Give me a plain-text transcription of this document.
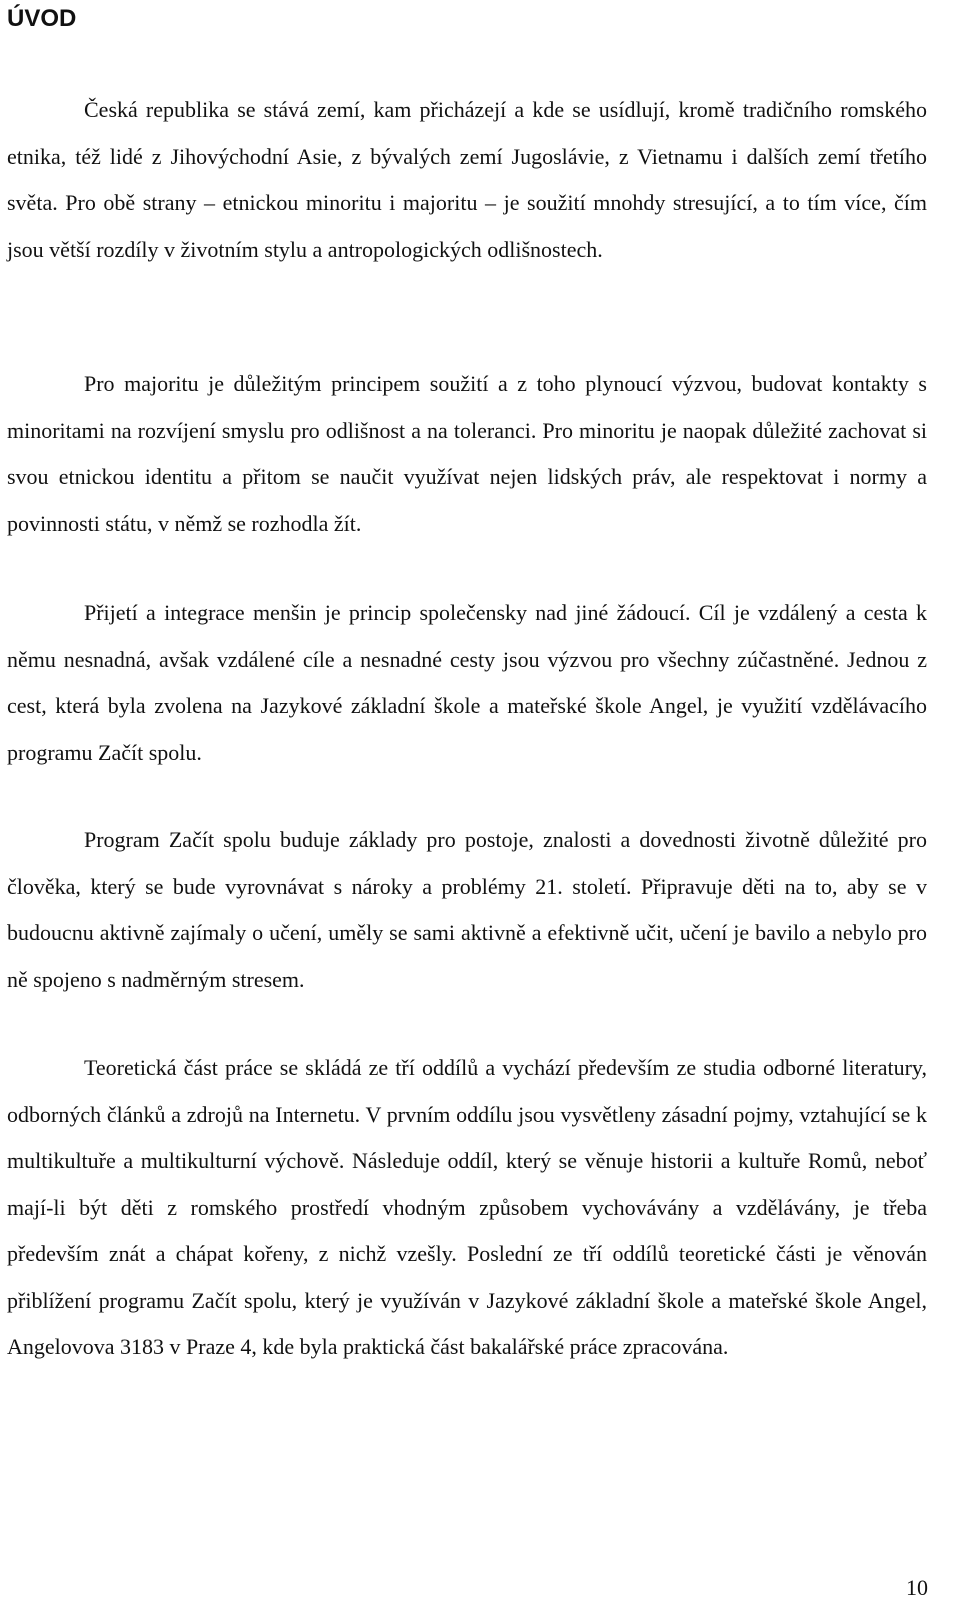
ÚVOD

Česká republika se stává zemí, kam přicházejí a kde se usídlují, kromě tradičního romského etnika, též lidé z Jihovýchodní Asie, z bývalých zemí Jugoslávie, z Vietnamu i dalších zemí třetího světa. Pro obě strany – etnickou minoritu i majoritu – je soužití mnohdy stresující, a to tím více, čím jsou větší rozdíly v životním stylu a antropologických odlišnostech.

Pro majoritu je důležitým principem soužití a z toho plynoucí výzvou, budovat kontakty s minoritami na rozvíjení smyslu pro odlišnost a na toleranci. Pro minoritu je naopak důležité zachovat si svou etnickou identitu a přitom se naučit využívat nejen lidských práv, ale respektovat i normy a povinnosti státu, v němž se rozhodla žít.

Přijetí a integrace menšin je princip společensky nad jiné žádoucí. Cíl je vzdálený a cesta k němu nesnadná, avšak vzdálené cíle a nesnadné cesty jsou výzvou pro všechny zúčastněné. Jednou z cest, která byla zvolena na Jazykové základní škole a mateřské škole Angel, je využití vzdělávacího programu Začít spolu.

Program Začít spolu buduje základy pro postoje, znalosti a dovednosti životně důležité pro člověka, který se bude vyrovnávat s nároky a problémy 21. století. Připravuje děti na to, aby se v budoucnu aktivně zajímaly o učení, uměly se sami aktivně a efektivně učit, učení je bavilo a nebylo pro ně spojeno s nadměrným stresem.

Teoretická část práce se skládá ze tří oddílů a vychází především ze studia odborné literatury, odborných článků a zdrojů na Internetu. V prvním oddílu jsou vysvětleny zásadní pojmy, vztahující se k multikultuře a multikulturní výchově. Následuje oddíl, který se věnuje historii a kultuře Romů, neboť mají-li být děti z romského prostředí vhodným způsobem vychovávány a vzdělávány, je třeba především znát a chápat kořeny, z nichž vzešly. Poslední ze tří oddílů teoretické části je věnován přiblížení programu Začít spolu, který je využíván v Jazykové základní škole a mateřské škole Angel, Angelovova 3183 v Praze 4, kde byla praktická část bakalářské práce zpracována.

10
